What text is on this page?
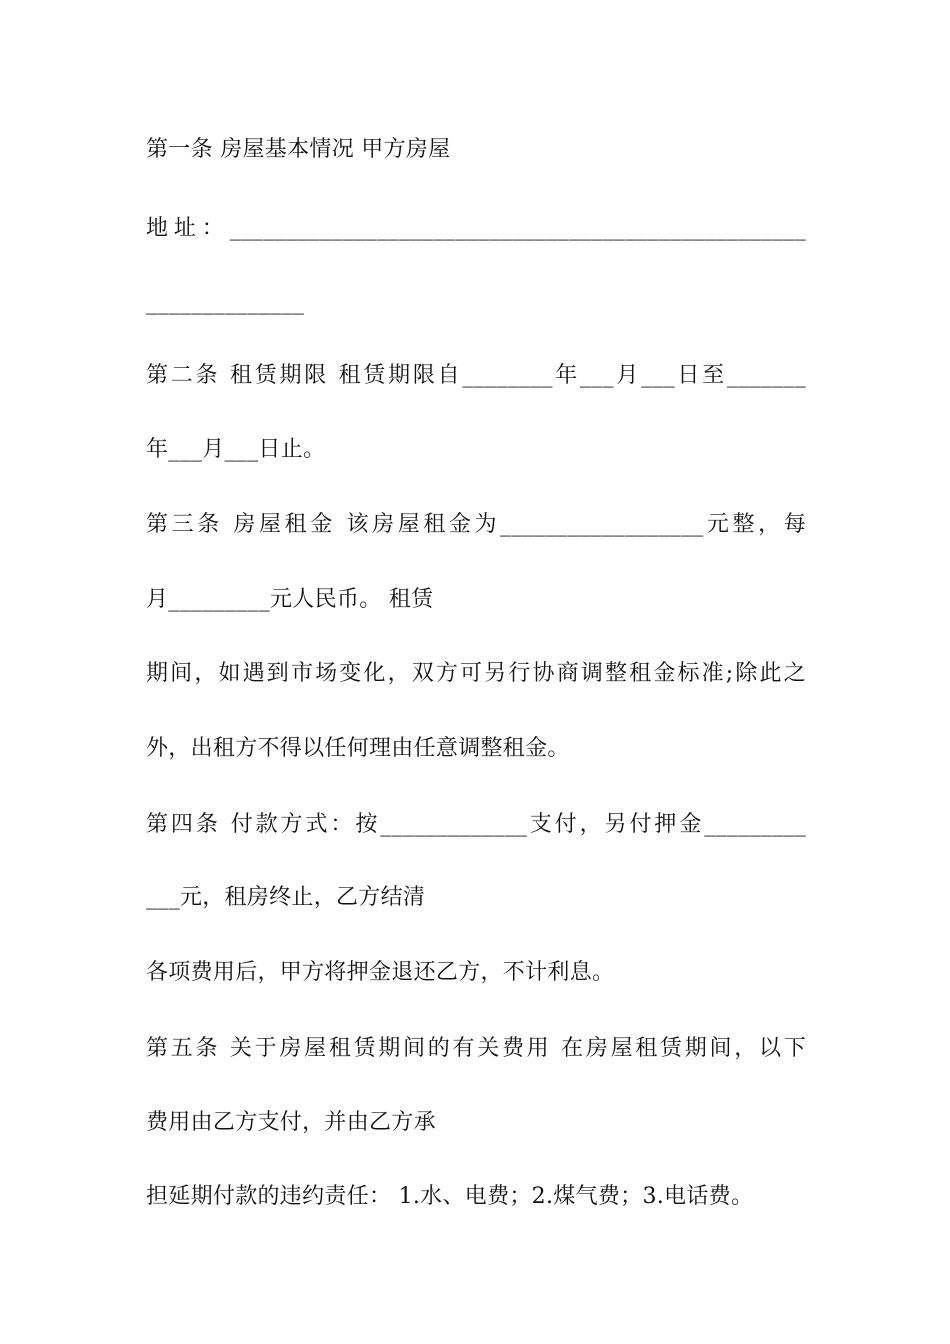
第一条 房屋基本情况 甲方房屋
地址：___________________________________________________
______________
第二条 租赁期限 租赁期限自________年___月___日至_______
年___月___日止。
第三条 房屋租金 该房屋租金为__________________元整，每
月_________元人民币。 租赁
期间，如遇到市场变化，双方可另行协商调整租金标准;除此之
外，出租方不得以任何理由任意调整租金。
第四条 付款方式：按_____________支付，另付押金_________
___元，租房终止，乙方结清
各项费用后，甲方将押金退还乙方，不计利息。
第五条 关于房屋租赁期间的有关费用 在房屋租赁期间，以下
费用由乙方支付，并由乙方承
担延期付款的违约责任： 1.水、电费；2.煤气费；3.电话费。
